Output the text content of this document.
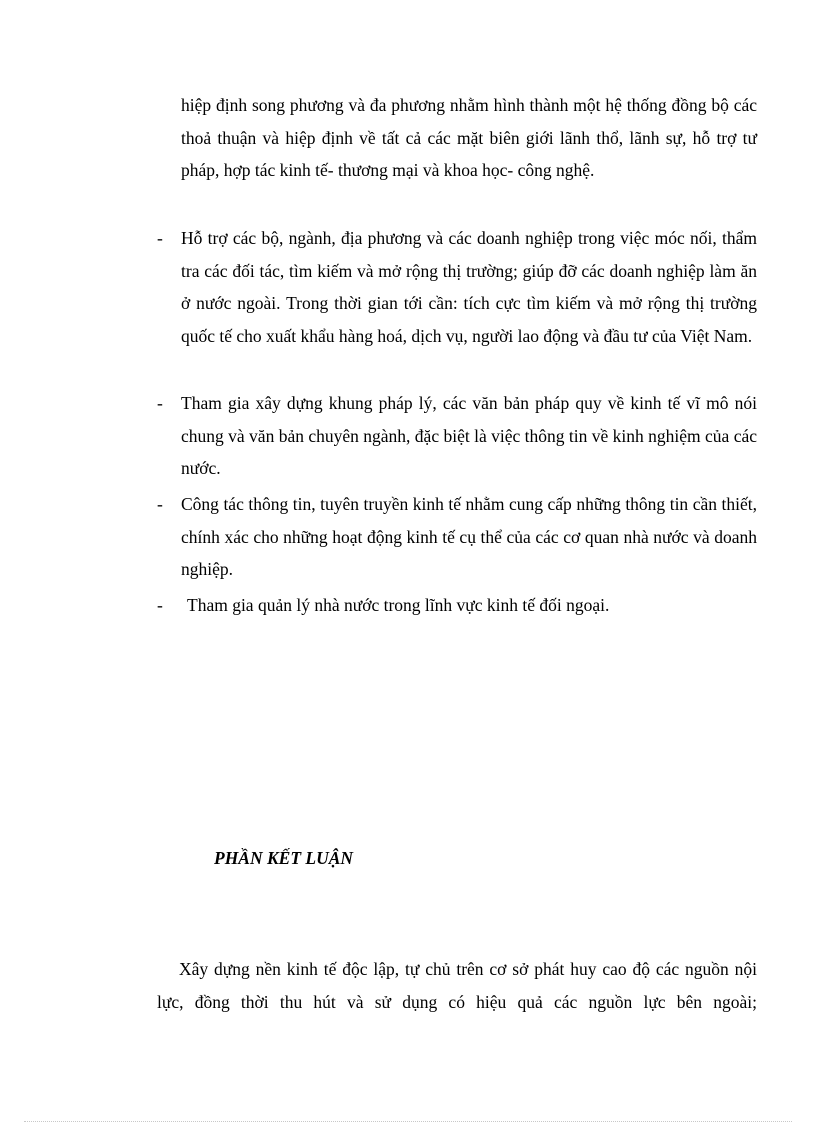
hiệp định song phương và đa phương nhằm hình thành một hệ thống đồng bộ các thoả thuận và hiệp định về tất cả các mặt biên giới lãnh thổ, lãnh sự, hỗ trợ tư pháp, hợp tác kinh tế- thương mại và khoa học- công nghệ.

- Hỗ trợ các bộ, ngành, địa phương và các doanh nghiệp trong việc móc nối, thẩm tra các đối tác, tìm kiếm và mở rộng thị trường; giúp đỡ các doanh nghiệp làm ăn ở nước ngoài. Trong thời gian tới cần: tích cực tìm kiếm và mở rộng thị trường quốc tế cho xuất khẩu hàng hoá, dịch vụ, người lao động và đầu tư của Việt Nam.

- Tham gia xây dựng khung pháp lý, các văn bản pháp quy về kinh tế vĩ mô nói chung và văn bản chuyên ngành, đặc biệt là việc thông tin về kinh nghiệm của các nước.

- Công tác thông tin, tuyên truyền kinh tế nhằm cung cấp những thông tin cần thiết, chính xác cho những hoạt động kinh tế cụ thể của các cơ quan nhà nước và doanh nghiệp.

- Tham gia quản lý nhà nước trong lĩnh vực kinh tế đối ngoại.

PHẦN KẾT LUẬN

Xây dựng nền kinh tế độc lập, tự chủ trên cơ sở phát huy cao độ các nguồn nội lực, đồng thời thu hút và sử dụng có hiệu quả các nguồn lực bên ngoài;
